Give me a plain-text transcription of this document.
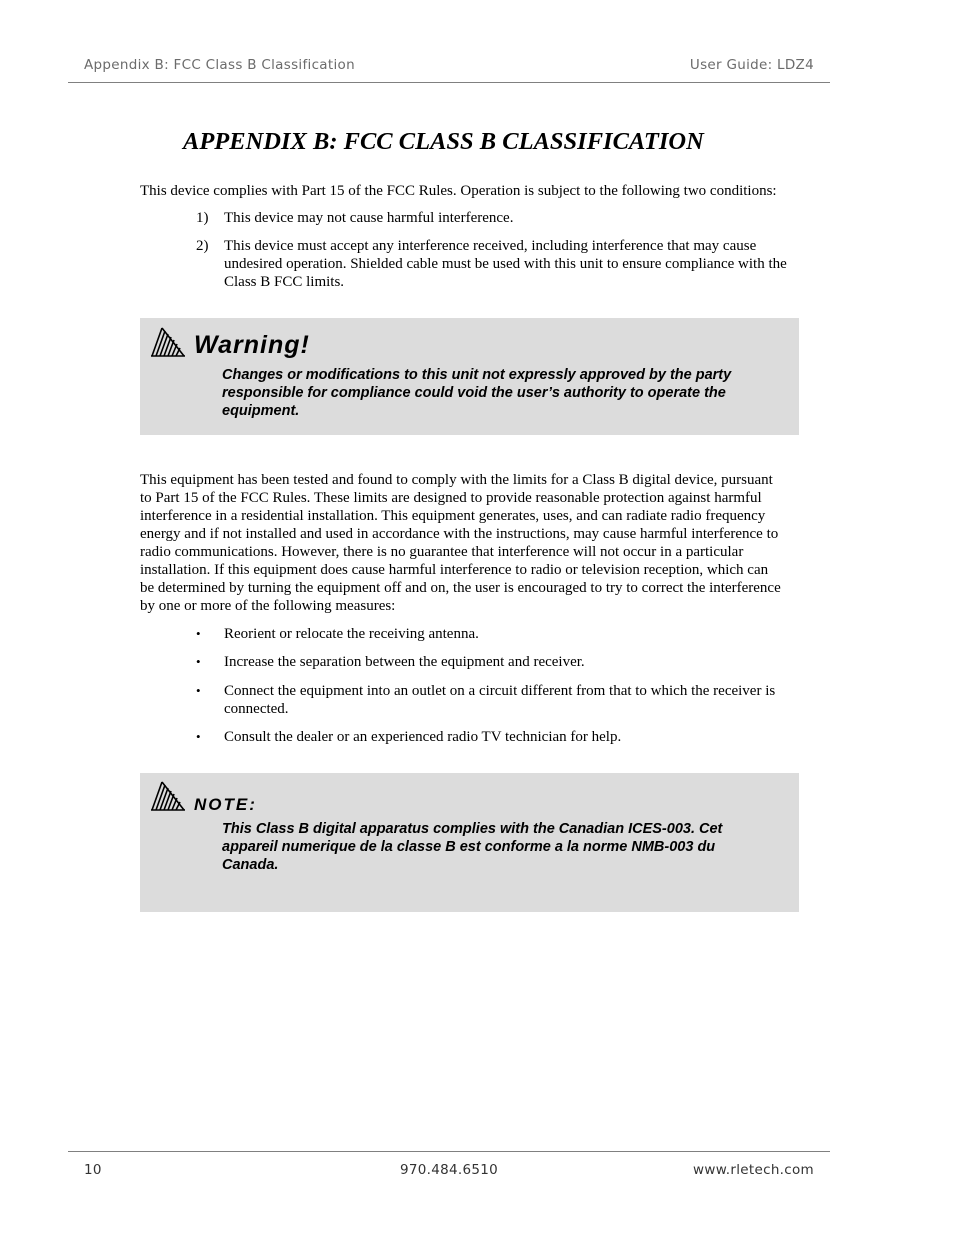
Appendix B: FCC Class B Classification	User Guide: LDZ4
APPENDIX B: FCC CLASS B CLASSIFICATION
This device complies with Part 15 of the FCC Rules. Operation is subject to the following two conditions:
1) This device may not cause harmful interference.
2) This device must accept any interference received, including interference that may cause
undesired operation. Shielded cable must be used with this unit to ensure compliance with the
Class B FCC limits.
Warning!
Changes or modifications to this unit not expressly approved by the party
responsible for compliance could void the user’s authority to operate the
equipment.
This equipment has been tested and found to comply with the limits for a Class B digital device, pursuant
to Part 15 of the FCC Rules. These limits are designed to provide reasonable protection against harmful
interference in a residential installation. This equipment generates, uses, and can radiate radio frequency
energy and if not installed and used in accordance with the instructions, may cause harmful interference to
radio communications. However, there is no guarantee that interference will not occur in a particular
installation. If this equipment does cause harmful interference to radio or television reception, which can
be determined by turning the equipment off and on, the user is encouraged to try to correct the interference
by one or more of the following measures:
• Reorient or relocate the receiving antenna.
• Increase the separation between the equipment and receiver.
• Connect the equipment into an outlet on a circuit different from that to which the receiver is
connected.
• Consult the dealer or an experienced radio TV technician for help.
NOTE:
This Class B digital apparatus complies with the Canadian ICES-003. Cet
appareil numerique de la classe B est conforme a la norme NMB-003 du
Canada.
10	970.484.6510	www.rletech.com
